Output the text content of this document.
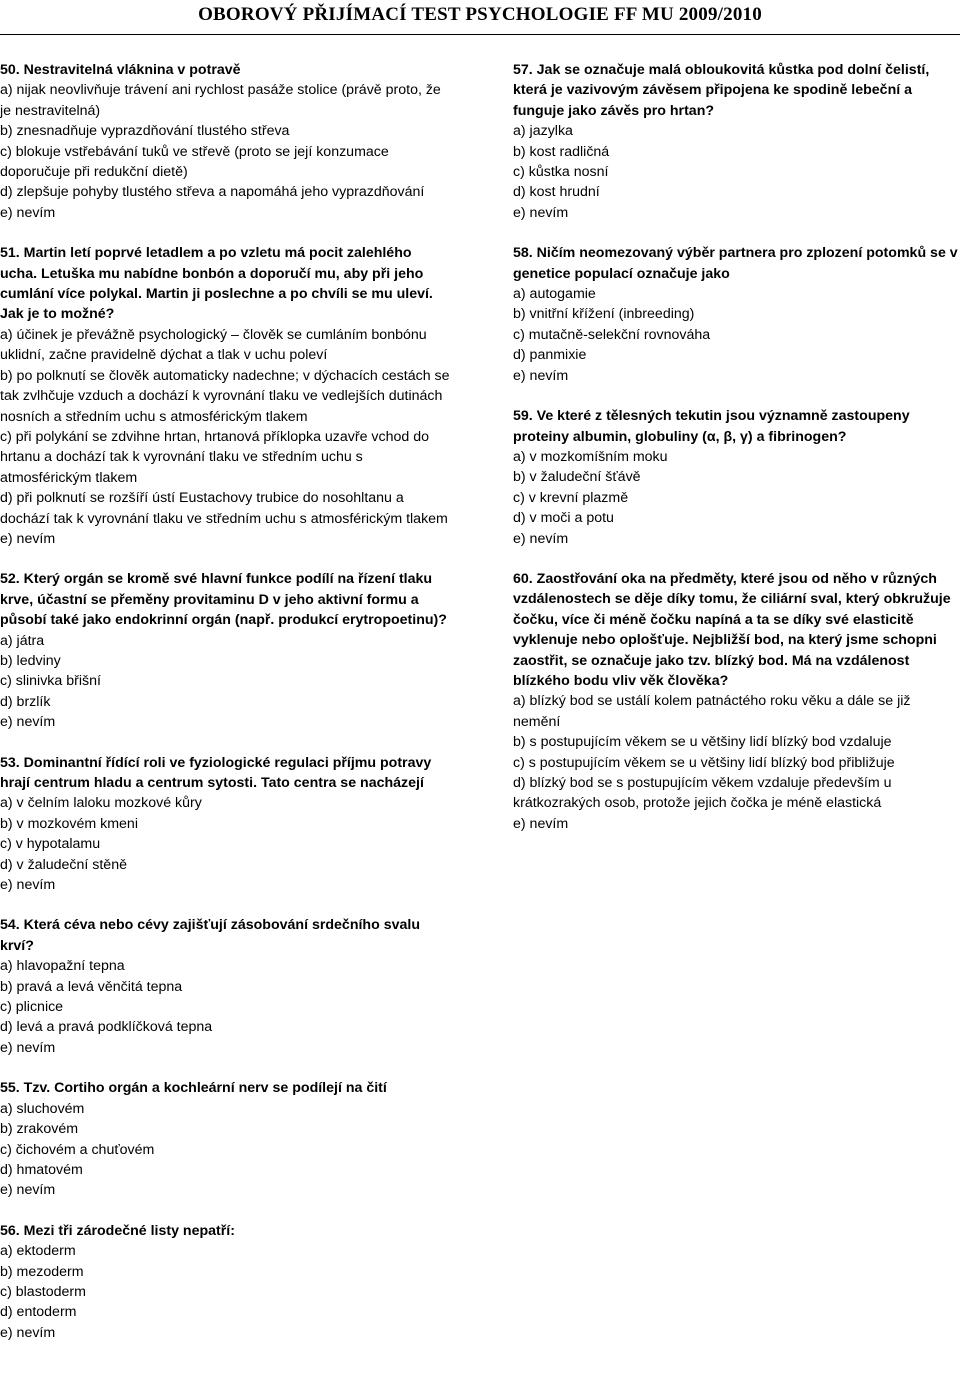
OBOROVÝ PŘIJÍMACÍ TEST PSYCHOLOGIE FF MU 2009/2010

50. Nestravitelná vláknina v potravě

a) nijak neovlivňuje trávení ani rychlost pasáže stolice (právě proto, že je nestravitelná)

b) znesnadňuje vyprazdňování tlustého střeva

c) blokuje vstřebávání tuků ve střevě (proto se její konzumace doporučuje při redukční dietě)

d) zlepšuje pohyby tlustého střeva a napomáhá jeho vyprazdňování

e) nevím

51. Martin letí poprvé letadlem a po vzletu má pocit zalehlého ucha. Letuška mu nabídne bonbón a doporučí mu, aby při jeho cumlání více polykal. Martin ji poslechne a po chvíli se mu uleví. Jak je to možné?

a) účinek je převážně psychologický – člověk se cumláním bonbónu uklidní, začne pravidelně dýchat a tlak v uchu poleví

b) po polknutí se člověk automaticky nadechne; v dýchacích cestách se tak zvlhčuje vzduch a dochází k vyrovnání tlaku ve vedlejších dutinách nosních a středním uchu s atmosférickým tlakem

c) při polykání se zdvihne hrtan, hrtanová příklopka uzavře vchod do hrtanu a dochází tak k vyrovnání tlaku ve středním uchu s atmosférickým tlakem

d) při polknutí se rozšíří ústí Eustachovy trubice do nosohltanu a dochází tak k vyrovnání tlaku ve středním uchu s atmosférickým tlakem

e) nevím

52. Který orgán se kromě své hlavní funkce podílí na řízení tlaku krve, účastní se přeměny provitaminu D v jeho aktivní formu a působí také jako endokrinní orgán (např. produkcí erytropoetinu)?

a) játra

b) ledviny

c) slinivka břišní

d) brzlík

e) nevím

53. Dominantní řídící roli ve fyziologické regulaci příjmu potravy hrají centrum hladu a centrum sytosti. Tato centra se nacházejí

a) v čelním laloku mozkové kůry

b) v mozkovém kmeni

c) v hypotalamu

d) v žaludeční stěně

e) nevím

54. Která céva nebo cévy zajišťují zásobování srdečního svalu krví?

a) hlavopažní tepna

b) pravá a levá věnčitá tepna

c) plicnice

d) levá a pravá podklíčková tepna

e) nevím

55. Tzv. Cortiho orgán a kochleární nerv se podílejí na čití

a) sluchovém

b) zrakovém

c) čichovém a chuťovém

d) hmatovém

e) nevím

56. Mezi tři zárodečné listy nepatří:

a) ektoderm

b) mezoderm

c) blastoderm

d) entoderm

e) nevím

57. Jak se označuje malá obloukovitá kůstka pod dolní čelistí, která je vazivovým závěsem připojena ke spodině lebeční a funguje jako závěs pro hrtan?

a) jazylka

b) kost radličná

c) kůstka nosní

d) kost hrudní

e) nevím

58. Ničím neomezovaný výběr partnera pro zplození potomků se v genetice populací označuje jako

a) autogamie

b) vnitřní křížení (inbreeding)

c) mutačně-selekční rovnováha

d) panmixie

e) nevím

59. Ve které z tělesných tekutin jsou významně zastoupeny proteiny albumin, globuliny (α, β, γ) a fibrinogen?

a) v mozkomíšním moku

b) v žaludeční šťávě

c) v krevní plazmě

d) v moči a potu

e) nevím

60. Zaostřování oka na předměty, které jsou od něho v různých vzdálenostech se děje díky tomu, že ciliární sval, který obkružuje čočku, více či méně čočku napíná a ta se díky své elasticitě vyklenuje nebo oplošťuje. Nejbližší bod, na který jsme schopni zaostřit, se označuje jako tzv. blízký bod. Má na vzdálenost blízkého bodu vliv věk člověka?

a) blízký bod se ustálí kolem patnáctého roku věku a dále se již nemění

b) s postupujícím věkem se u většiny lidí blízký bod vzdaluje

c) s postupujícím věkem se u většiny lidí blízký bod přibližuje

d) blízký bod se s postupujícím věkem vzdaluje především u krátkozrakých osob, protože jejich čočka je méně elastická

e) nevím
